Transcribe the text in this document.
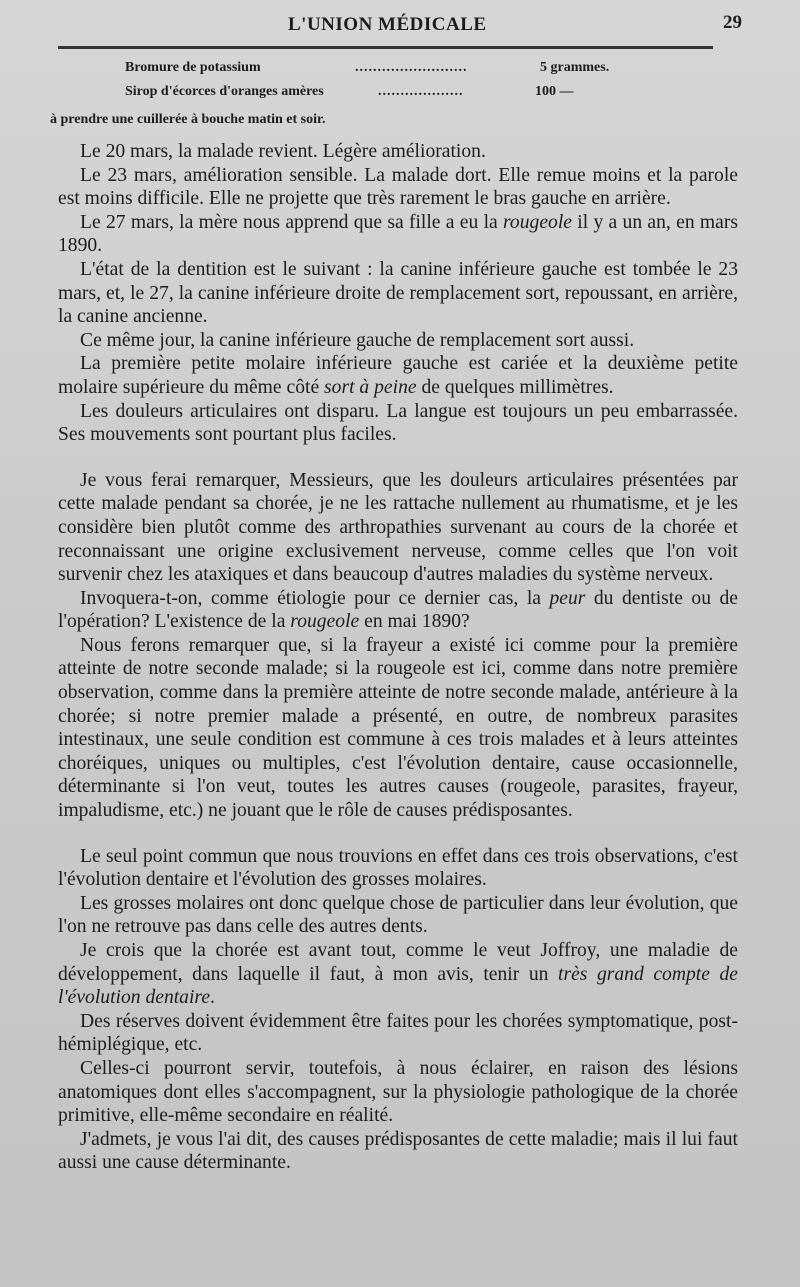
L'UNION MÉDICALE	29
Bromure de potassium	.........................	5 grammes.
Sirop d'écorces d'oranges amères	...................	100 —
à prendre une cuillerée à bouche matin et soir.

Le 20 mars, la malade revient. Légère amélioration.

Le 23 mars, amélioration sensible. La malade dort. Elle remue moins et la parole est moins difficile. Elle ne projette que très rarement le bras gauche en arrière.

Le 27 mars, la mère nous apprend que sa fille a eu la rougeole il y a un an, en mars 1890.

L'état de la dentition est le suivant : la canine inférieure gauche est tombée le 23 mars, et, le 27, la canine inférieure droite de remplacement sort, repoussant, en arrière, la canine ancienne.

Ce même jour, la canine inférieure gauche de remplacement sort aussi.

La première petite molaire inférieure gauche est cariée et la deuxième petite molaire supérieure du même côté sort à peine de quelques millimètres.

Les douleurs articulaires ont disparu. La langue est toujours un peu embarrassée. Ses mouvements sont pourtant plus faciles.

Je vous ferai remarquer, Messieurs, que les douleurs articulaires présentées par cette malade pendant sa chorée, je ne les rattache nullement au rhumatisme, et je les considère bien plutôt comme des arthropathies survenant au cours de la chorée et reconnaissant une origine exclusivement nerveuse, comme celles que l'on voit survenir chez les ataxiques et dans beaucoup d'autres maladies du système nerveux.

Invoquera-t-on, comme étiologie pour ce dernier cas, la peur du dentiste ou de l'opération? L'existence de la rougeole en mai 1890?

Nous ferons remarquer que, si la frayeur a existé ici comme pour la première atteinte de notre seconde malade; si la rougeole est ici, comme dans notre première observation, comme dans la première atteinte de notre seconde malade, antérieure à la chorée; si notre premier malade a présenté, en outre, de nombreux parasites intestinaux, une seule condition est commune à ces trois malades et à leurs atteintes choréiques, uniques ou multiples, c'est l'évolution dentaire, cause occasionnelle, déterminante si l'on veut, toutes les autres causes (rougeole, parasites, frayeur, impaludisme, etc.) ne jouant que le rôle de causes prédisposantes.

Le seul point commun que nous trouvions en effet dans ces trois observations, c'est l'évolution dentaire et l'évolution des grosses molaires.

Les grosses molaires ont donc quelque chose de particulier dans leur évolution, que l'on ne retrouve pas dans celle des autres dents.

Je crois que la chorée est avant tout, comme le veut Joffroy, une maladie de développement, dans laquelle il faut, à mon avis, tenir un très grand compte de l'évolution dentaire.

Des réserves doivent évidemment être faites pour les chorées symptomatique, post-hémiplégique, etc.

Celles-ci pourront servir, toutefois, à nous éclairer, en raison des lésions anatomiques dont elles s'accompagnent, sur la physiologie pathologique de la chorée primitive, elle-même secondaire en réalité.

J'admets, je vous l'ai dit, des causes prédisposantes de cette maladie; mais il lui faut aussi une cause déterminante.
